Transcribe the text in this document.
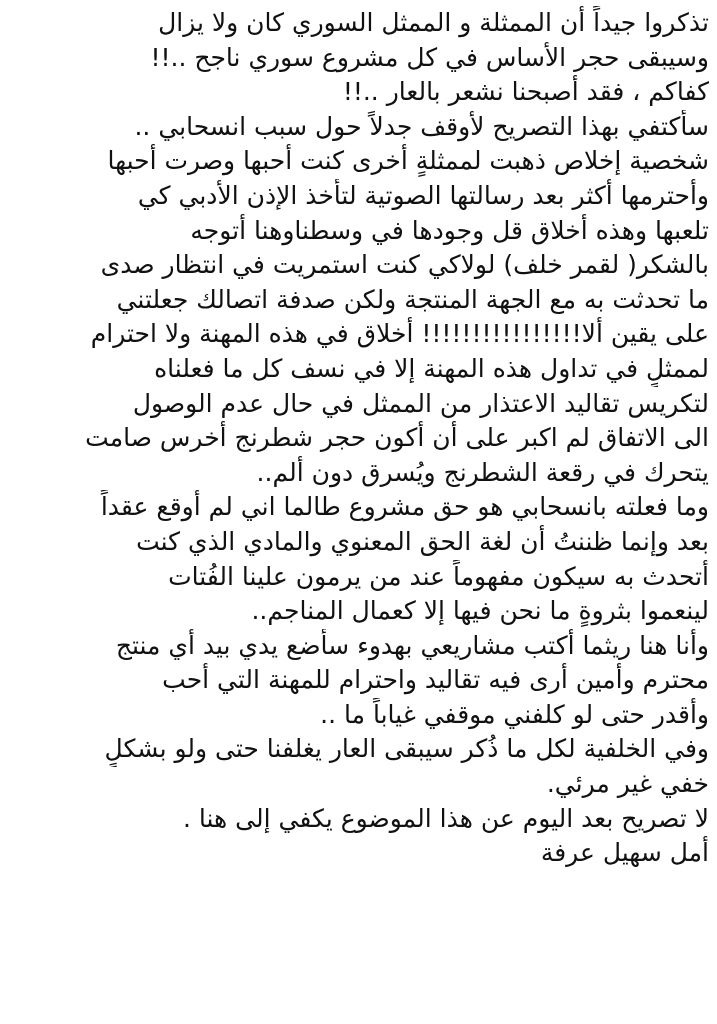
تذكروا جيداً أن الممثلة و الممثل السوري كان ولا يزال
وسيبقى حجر الأساس في كل مشروع سوري ناجح ..!!
كفاكم ، فقد أصبحنا نشعر بالعار ..!!
سأكتفي بهذا التصريح لأوقف جدلاً حول سبب انسحابي ..
شخصية إخلاص ذهبت لممثلةٍ أخرى كنت أحبها وصرت أحبها
وأحترمها أكثر بعد رسالتها الصوتية لتأخذ الإذن الأدبي كي
تلعبها وهذه أخلاق قل وجودها في وسطناوهنا أتوجه
بالشكر( لقمر خلف) لولاكي كنت استمريت في انتظار صدى
ما تحدثت به مع الجهة المنتجة ولكن صدفة اتصالك جعلتني
على يقين ألا!!!!!!!!!!!!!!!! أخلاق في هذه المهنة ولا احترام
لممثلٍ في تداول هذه المهنة إلا في نسف كل ما فعلناه
لتكريس تقاليد الاعتذار من الممثل في حال عدم الوصول
الى الاتفاق لم اكبر على أن أكون حجر شطرنج أخرس صامت
يتحرك في رقعة الشطرنج ويُسرق دون ألم..
وما فعلته بانسحابي هو حق مشروع طالما اني لم أوقع عقداً
بعد وإنما ظننتُ أن لغة الحق المعنوي والمادي الذي كنت
أتحدث به سيكون مفهوماً عند من يرمون علينا الفُتات
لينعموا بثروةٍ ما نحن فيها إلا كعمال المناجم..
وأنا هنا ريثما أكتب مشاريعي بهدوء سأضع يدي بيد أي منتج
محترم وأمين أرى فيه تقاليد واحترام للمهنة التي أحب
وأقدر حتى لو كلفني موقفي غياباً ما ..
وفي الخلفية لكل ما ذُكر سيبقى العار يغلفنا حتى ولو بشكلٍ
خفي غير مرئي.
لا تصريح بعد اليوم عن هذا الموضوع يكفي إلى هنا .
أمل سهيل عرفة
